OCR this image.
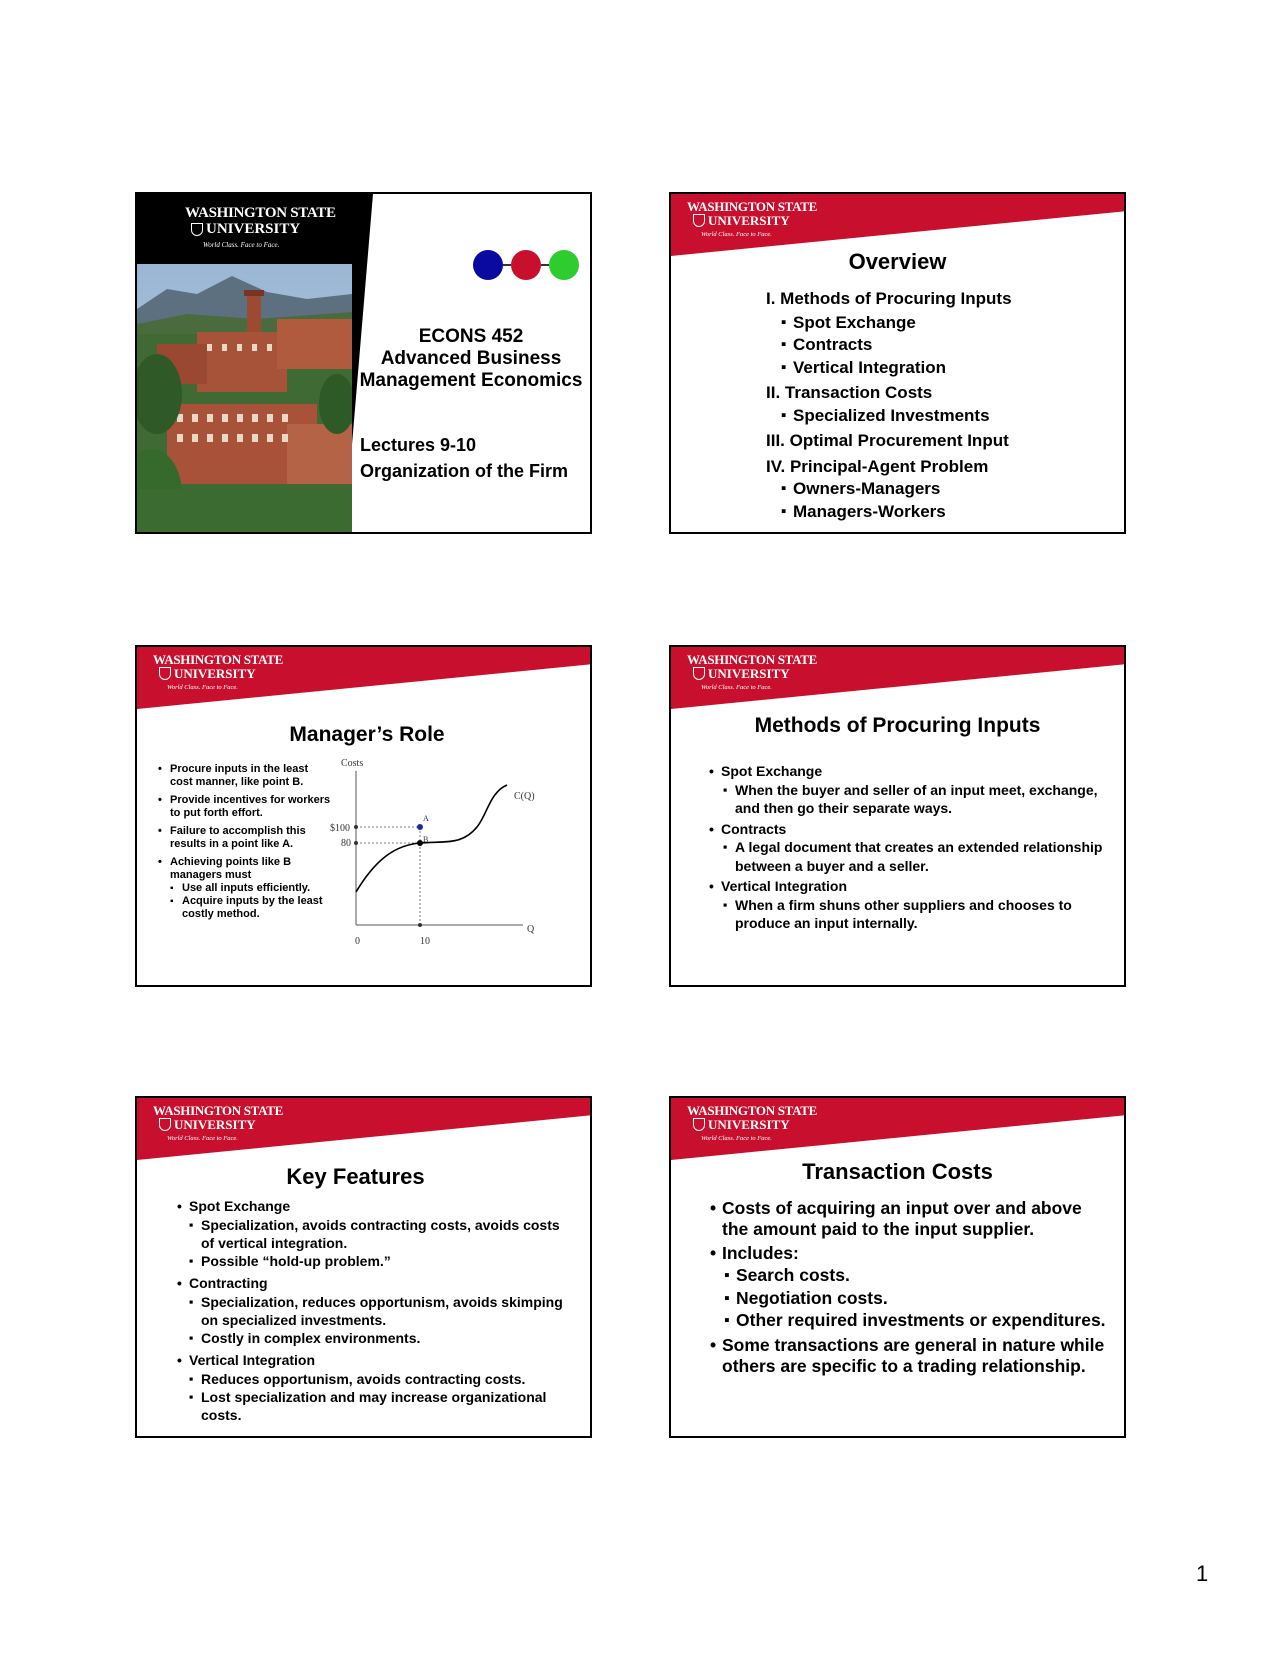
WASHINGTON STATE
UNIVERSITY
World Class. Face to Face.
ECONS 452
Advanced Business
Management Economics
Lectures 9-10
Organization of the Firm
WASHINGTON STATE
UNIVERSITY
World Class. Face to Face.
Overview
I. Methods of Procuring Inputs
▪ Spot Exchange
▪ Contracts
▪ Vertical Integration
II. Transaction Costs
▪ Specialized Investments
III. Optimal Procurement Input
IV. Principal-Agent Problem
▪ Owners-Managers
▪ Managers-Workers
WASHINGTON STATE
UNIVERSITY
World Class. Face to Face.
Manager’s Role
• Procure inputs in the least cost manner, like point B.
• Provide incentives for workers to put forth effort.
• Failure to accomplish this results in a point like A.
• Achieving points like B managers must
▪ Use all inputs efficiently.
▪ Acquire inputs by the least costly method.
Costs
Q
C(Q)
$100
80
0	10
A
B
WASHINGTON STATE
UNIVERSITY
World Class. Face to Face.
Methods of Procuring Inputs
• Spot Exchange
▪ When the buyer and seller of an input meet, exchange, and then go their separate ways.
• Contracts
▪ A legal document that creates an extended relationship between a buyer and a seller.
• Vertical Integration
▪ When a firm shuns other suppliers and chooses to produce an input internally.
WASHINGTON STATE
UNIVERSITY
World Class. Face to Face.
Key Features
• Spot Exchange
▪ Specialization, avoids contracting costs, avoids costs of vertical integration.
▪ Possible “hold-up problem.”
• Contracting
▪ Specialization, reduces opportunism, avoids skimping on specialized investments.
▪ Costly in complex environments.
• Vertical Integration
▪ Reduces opportunism, avoids contracting costs.
▪ Lost specialization and may increase organizational costs.
WASHINGTON STATE
UNIVERSITY
World Class. Face to Face.
Transaction Costs
• Costs of acquiring an input over and above the amount paid to the input supplier.
• Includes:
▪ Search costs.
▪ Negotiation costs.
▪ Other required investments or expenditures.
• Some transactions are general in nature while others are specific to a trading relationship.
1
